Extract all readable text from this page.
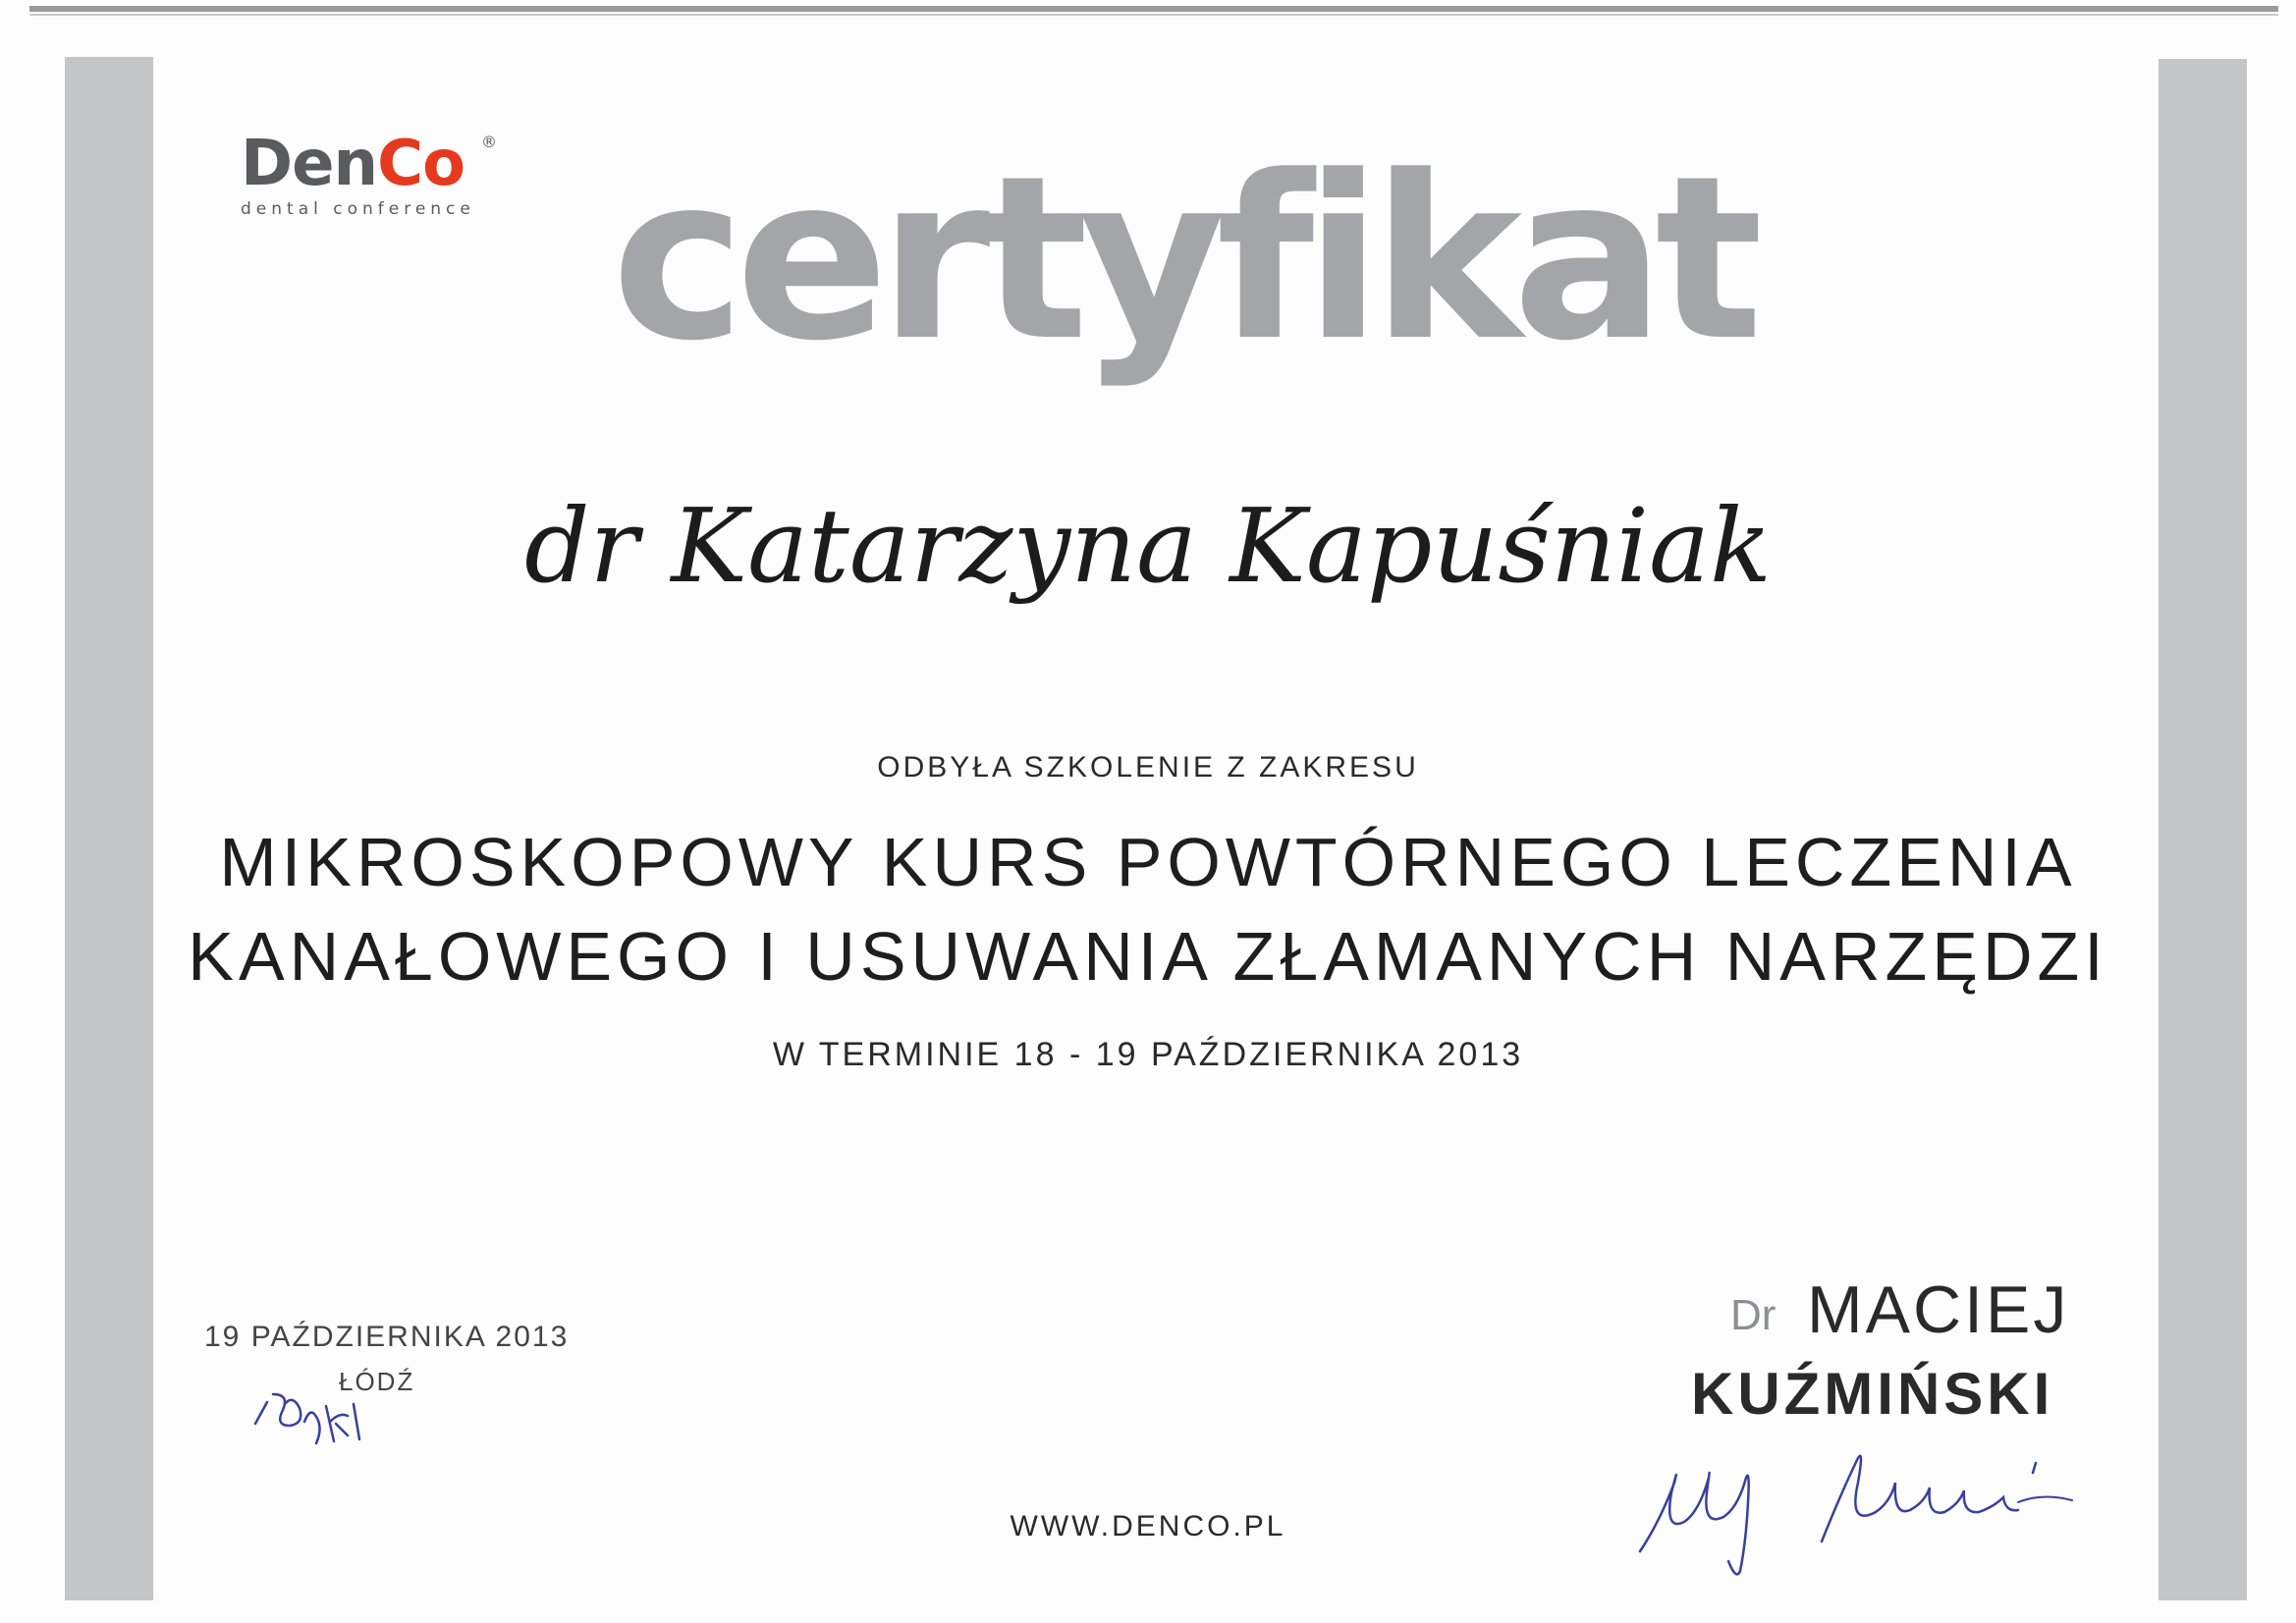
DenCo	®
dental conference certyfikat
dr Katarzyna Kapuśniak
ODBYŁA SZKOLENIE Z ZAKRESU
MIKROSKOPOWY KURS POWTÓRNEGO LECZENIA
KANAŁOWEGO I USUWANIA ZŁAMANYCH NARZĘDZI
W TERMINIE 18 - 19 PAŹDZIERNIKA 2013
19 PAŹDZIERNIKA 2013
ŁÓDŹ
WWW.DENCO.PL
Dr MACIEJ
KUŹMIŃSKI
